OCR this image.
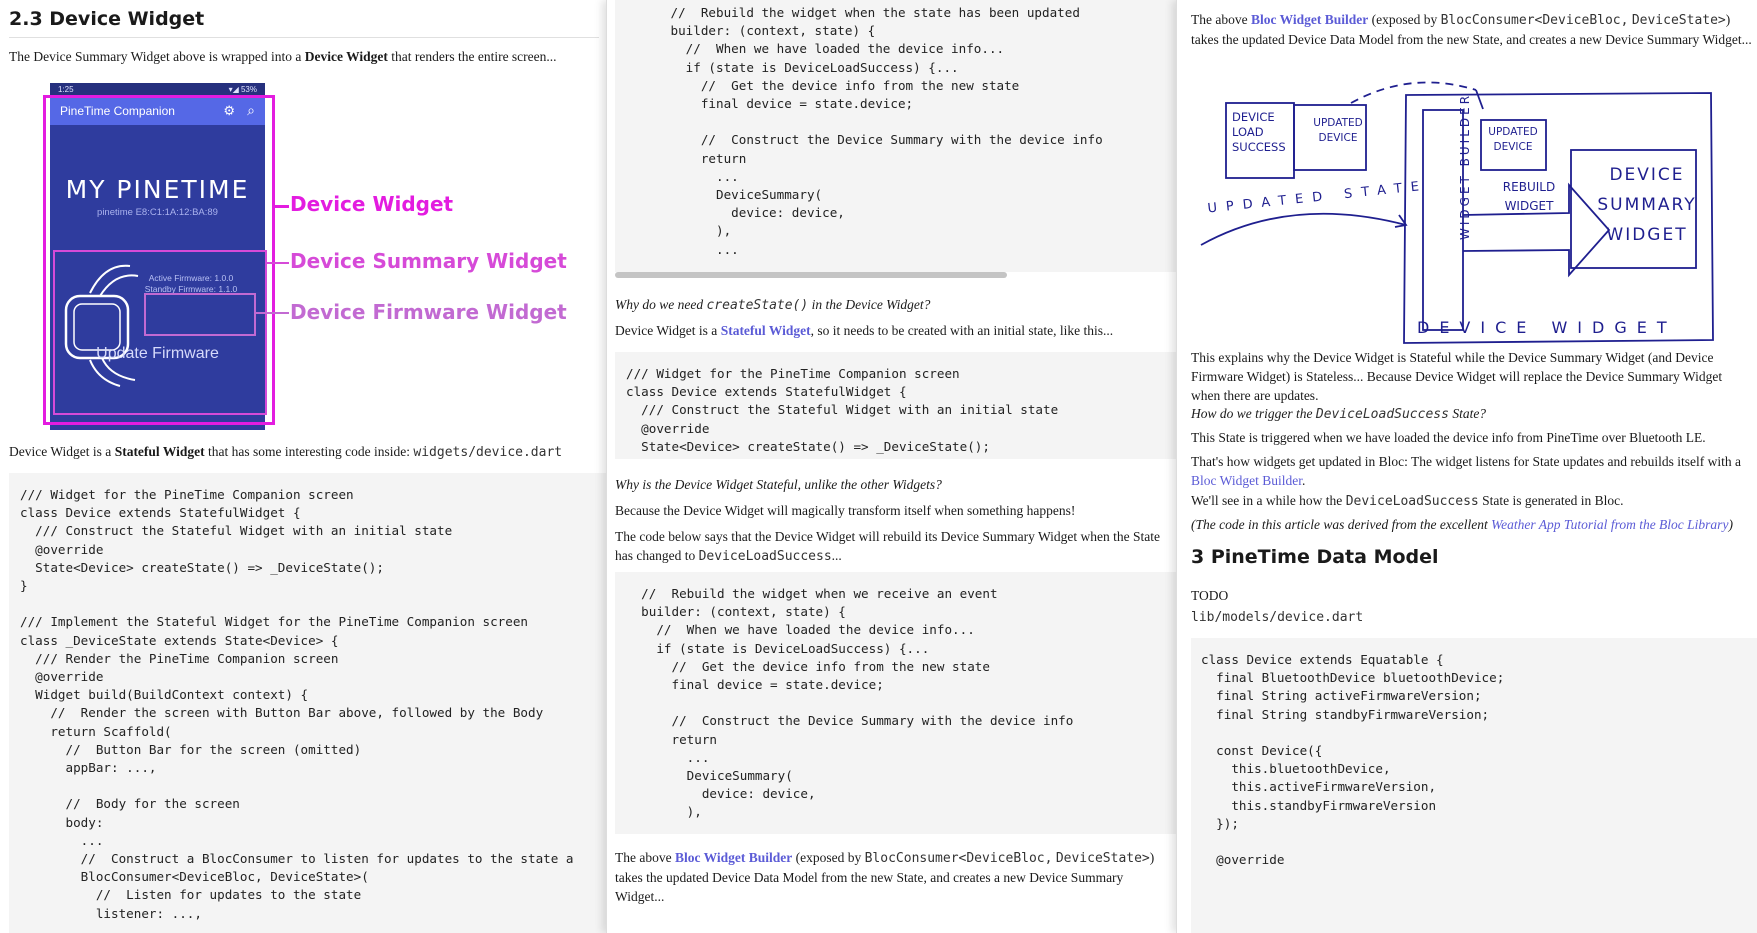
2.3 Device Widget

The Device Summary Widget above is wrapped into a Device Widget that renders the entire screen...

1:25	▾◢ 53%
PineTime Companion	⚙ ⌕
MY PINETIME
pinetime E8:C1:1A:12:BA:89
Active Firmware: 1.0.0
Standby Firmware: 1.1.0
Update Firmware
Device Widget
Device Summary Widget
Device Firmware Widget

Device Widget is a Stateful Widget that has some interesting code inside: widgets/device.dart

/// Widget for the PineTime Companion screen
class Device extends StatefulWidget {
/// Construct the Stateful Widget with an initial state
@override
State<Device> createState() => _DeviceState();
}

/// Implement the Stateful Widget for the PineTime Companion screen
class _DeviceState extends State<Device> {
/// Render the PineTime Companion screen
@override
Widget build(BuildContext context) {
//  Render the screen with Button Bar above, followed by the Body
return Scaffold(
//  Button Bar for the screen (omitted)
appBar: ...,

//  Body for the screen
body:
...
//  Construct a BlocConsumer to listen for updates to the state a
BlocConsumer<DeviceBloc, DeviceState>(
//  Listen for updates to the state
listener: ...,
//  Rebuild the widget when the state has been updated
builder: (context, state) {
//  When we have loaded the device info...
if (state is DeviceLoadSuccess) {...
//  Get the device info from the new state
final device = state.device;

//  Construct the Device Summary with the device info
return
...
DeviceSummary(
device: device,
),
...

Why do we need createState() in the Device Widget?

Device Widget is a Stateful Widget, so it needs to be created with an initial state, like this...

/// Widget for the PineTime Companion screen
class Device extends StatefulWidget {
/// Construct the Stateful Widget with an initial state
@override
State<Device> createState() => _DeviceState();

Why is the Device Widget Stateful, unlike the other Widgets?

Because the Device Widget will magically transform itself when something happens!

The code below says that the Device Widget will rebuild its Device Summary Widget when the State has changed to DeviceLoadSuccess...

//  Rebuild the widget when we receive an event
builder: (context, state) {
//  When we have loaded the device info...
if (state is DeviceLoadSuccess) {...
//  Get the device info from the new state
final device = state.device;

//  Construct the Device Summary with the device info
return
...
DeviceSummary(
device: device,
),

The above Bloc Widget Builder (exposed by BlocConsumer<DeviceBloc, DeviceState>) takes the updated Device Data Model from the new State, and creates a new Device Summary Widget...

The above Bloc Widget Builder (exposed by BlocConsumer<DeviceBloc, DeviceState>) takes the updated Device Data Model from the new State, and creates a new Device Summary Widget...

DEVICE
LOAD
SUCCESS
UPDATED
DEVICE	WIDGET BUILDER	UPDATED
DEVICE
REBUILD
WIDGET
DEVICE
SUMMARY
WIDGET
UPDATED STATE
DEVICE WIDGET

This explains why the Device Widget is Stateful while the Device Summary Widget (and Device Firmware Widget) is Stateless... Because Device Widget will replace the Device Summary Widget when there are updates.

How do we trigger the DeviceLoadSuccess State?

This State is triggered when we have loaded the device info from PineTime over Bluetooth LE.

That's how widgets get updated in Bloc: The widget listens for State updates and rebuilds itself with a Bloc Widget Builder.

We'll see in a while how the DeviceLoadSuccess State is generated in Bloc.

(The code in this article was derived from the excellent Weather App Tutorial from the Bloc Library)

3 PineTime Data Model

TODO

lib/models/device.dart
class Device extends Equatable {
final BluetoothDevice bluetoothDevice;
final String activeFirmwareVersion;
final String standbyFirmwareVersion;

const Device({
this.bluetoothDevice,
this.activeFirmwareVersion,
this.standbyFirmwareVersion
});

@override
